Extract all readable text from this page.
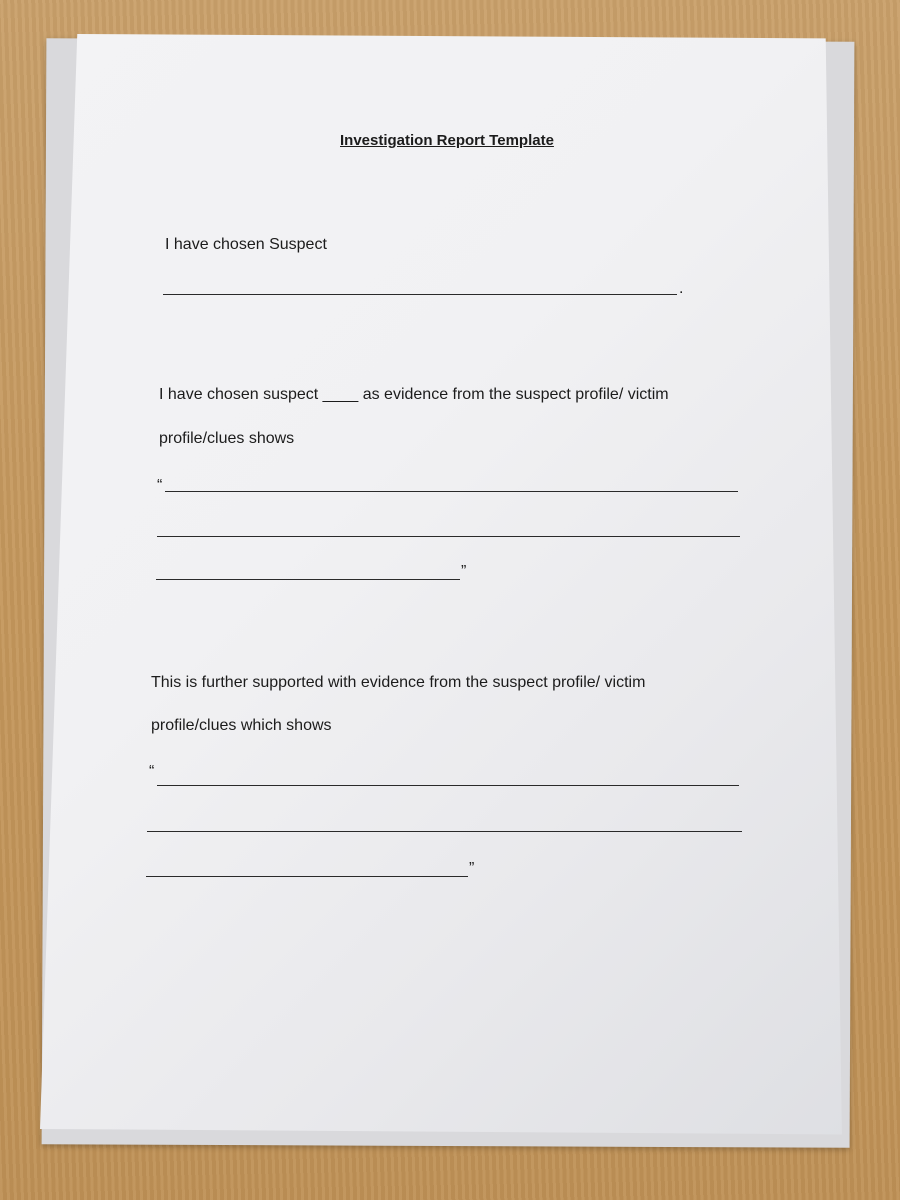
Investigation Report Template
I have chosen Suspect
.
I have chosen suspect ____ as evidence from the suspect profile/ victim
profile/clues shows
“
”
This is further supported with evidence from the suspect profile/ victim
profile/clues which shows
“
”
